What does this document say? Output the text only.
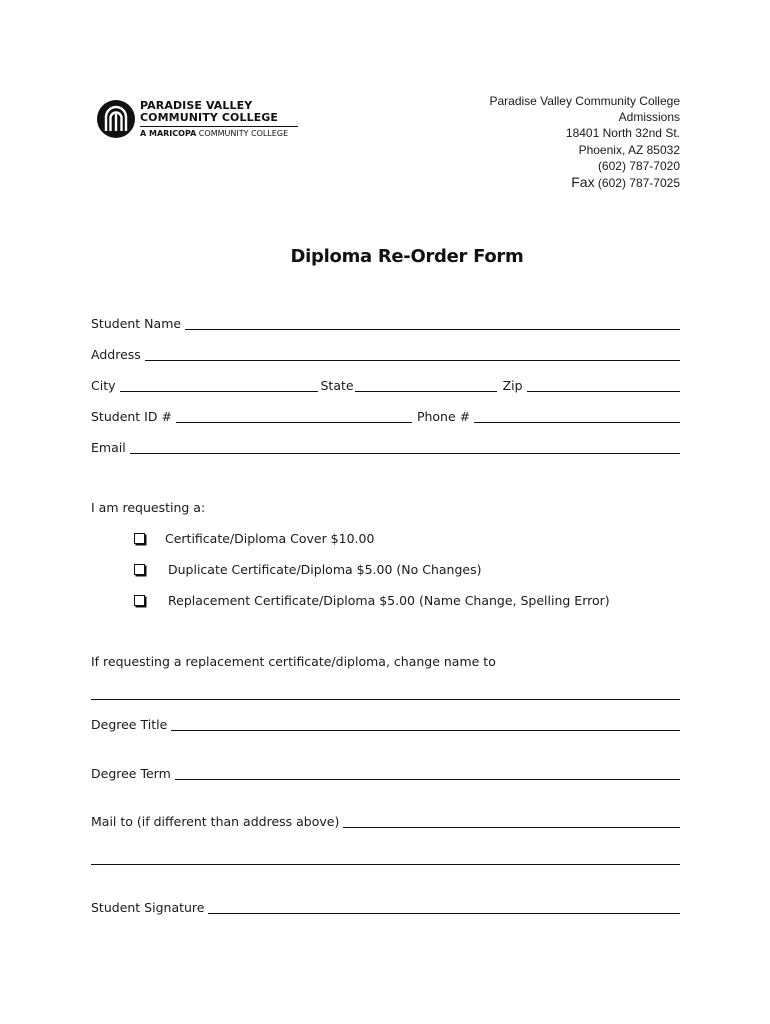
PARADISE VALLEY
COMMUNITY COLLEGE
A MARICOPA COMMUNITY COLLEGE
Paradise Valley Community College
Admissions
18401 North 32nd St.
Phoenix, AZ 85032
(602) 787-7020
Fax (602) 787-7025
Diploma Re-Order Form
Student Name
Address
City	State	Zip
Student ID #	Phone #
Email
I am requesting a:
Certificate/Diploma Cover $10.00
Duplicate Certificate/Diploma $5.00 (No Changes)
Replacement Certificate/Diploma $5.00 (Name Change, Spelling Error)
If requesting a replacement certificate/diploma, change name to
Degree Title
Degree Term
Mail to (if different than address above)
Student Signature
